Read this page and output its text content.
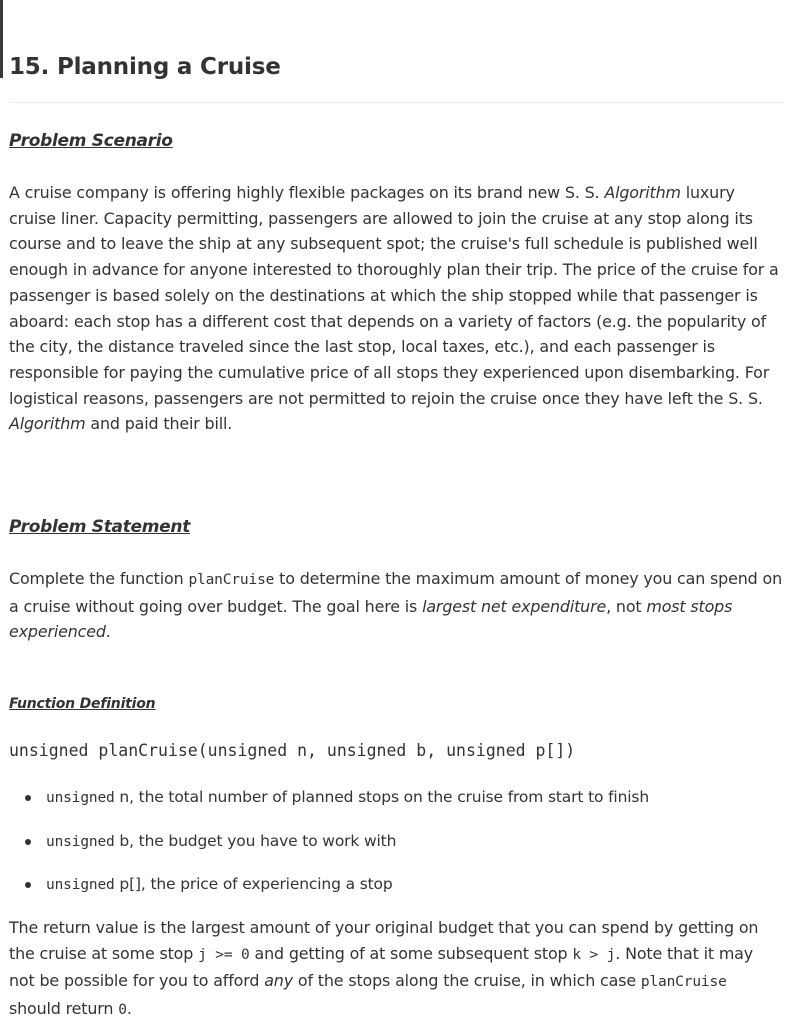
15. Planning a Cruise
Problem Scenario

A cruise company is offering highly flexible packages on its brand new S. S. Algorithm luxury cruise liner. Capacity permitting, passengers are allowed to join the cruise at any stop along its course and to leave the ship at any subsequent spot; the cruise's full schedule is published well enough in advance for anyone interested to thoroughly plan their trip. The price of the cruise for a passenger is based solely on the destinations at which the ship stopped while that passenger is aboard: each stop has a different cost that depends on a variety of factors (e.g. the popularity of the city, the distance traveled since the last stop, local taxes, etc.), and each passenger is responsible for paying the cumulative price of all stops they experienced upon disembarking. For logistical reasons, passengers are not permitted to rejoin the cruise once they have left the S. S. Algorithm and paid their bill.

Problem Statement

Complete the function planCruise to determine the maximum amount of money you can spend on a cruise without going over budget. The goal here is largest net expenditure, not most stops experienced.

Function Definition
unsigned planCruise(unsigned n, unsigned b, unsigned p[])
unsigned n, the total number of planned stops on the cruise from start to finish
unsigned b, the budget you have to work with
unsigned p[], the price of experiencing a stop

The return value is the largest amount of your original budget that you can spend by getting on the cruise at some stop j >= 0 and getting of at some subsequent stop k > j. Note that it may not be possible for you to afford any of the stops along the cruise, in which case planCruise should return 0.
